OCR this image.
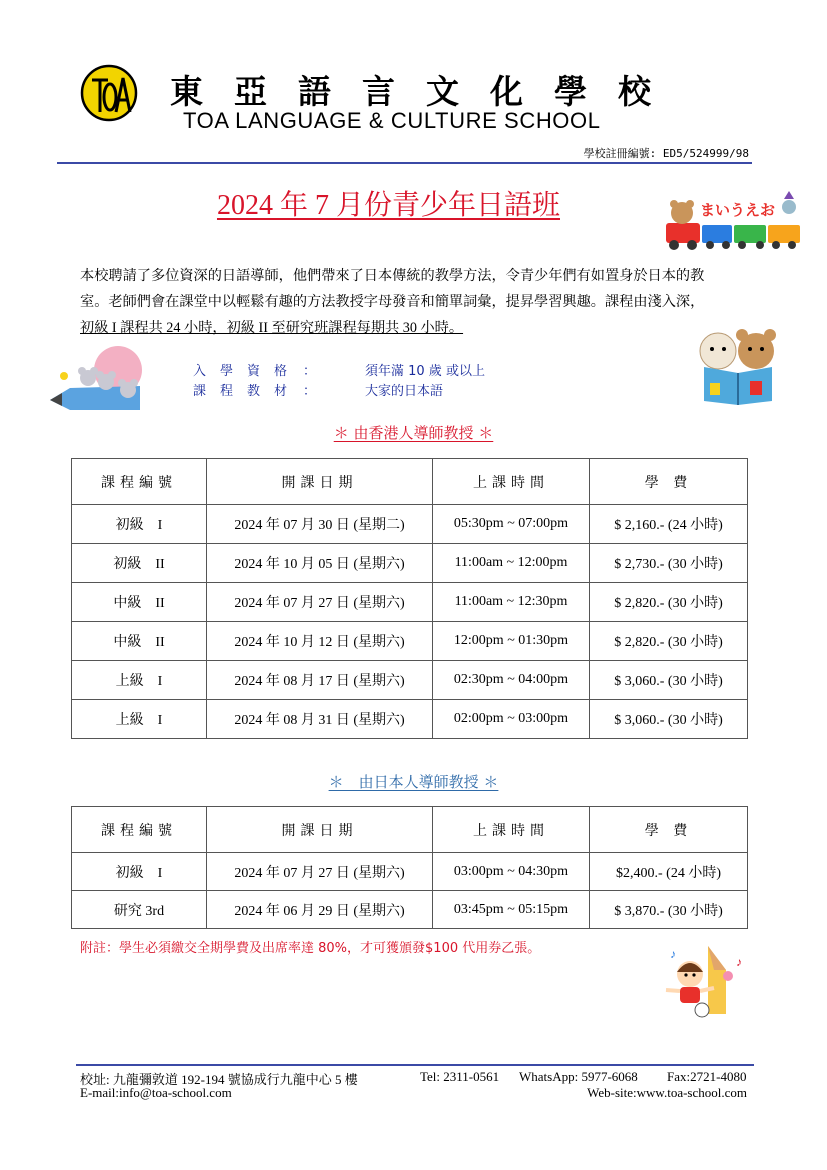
TOA
東亞語言文化學校
TOA LANGUAGE & CULTURE SCHOOL
學校註冊編號: ED5/524999/98
2024 年 7 月份青少年日語班	まいうえお
本校聘請了多位資深的日語導師，他們帶來了日本傳統的教學方法，令青少年們有如置身於日本的教
室。老師們會在課堂中以輕鬆有趣的方法教授字母發音和簡單詞彙，提昇學習興趣。課程由淺入深，
初級 I 課程共 24 小時，初級 II 至研究班課程每期共 30 小時。
入學資格 ：	須年滿 10 歲 或以上
課程教材 ：	大家的日本語
＊ 由香港人導師教授 ＊
課程編號	開課日期	上課時間	學 費
初級　I	2024 年 07 月 30 日 (星期二)	05:30pm ~ 07:00pm	$ 2,160.- (24 小時)
初級　II	2024 年 10 月 05 日 (星期六)	11:00am ~ 12:00pm	$ 2,730.- (30 小時)
中級　II	2024 年 07 月 27 日 (星期六)	11:00am ~ 12:30pm	$ 2,820.- (30 小時)
中級　II	2024 年 10 月 12 日 (星期六)	12:00pm ~ 01:30pm	$ 2,820.- (30 小時)
上級　I	2024 年 08 月 17 日 (星期六)	02:30pm ~ 04:00pm	$ 3,060.- (30 小時)
上級　I	2024 年 08 月 31 日 (星期六)	02:00pm ~ 03:00pm	$ 3,060.- (30 小時)
＊　由日本人導師教授 ＊
課程編號	開課日期	上課時間	學 費
初級　I	2024 年 07 月 27 日 (星期六)	03:00pm ~ 04:30pm	$2,400.- (24 小時)
研究 3rd	2024 年 06 月 29 日 (星期六)	03:45pm ~ 05:15pm	$ 3,870.- (30 小時)
附註：學生必須繳交全期學費及出席率達 80%，才可獲頒發$100 代用券乙張。	♪
♪
校址: 九龍彌敦道 192-194 號協成行九龍中心 5 樓	Tel: 2311-0561 WhatsApp: 5977-6068 Fax:2721-4080
E-mail:info@toa-school.com	Web-site:www.toa-school.com
